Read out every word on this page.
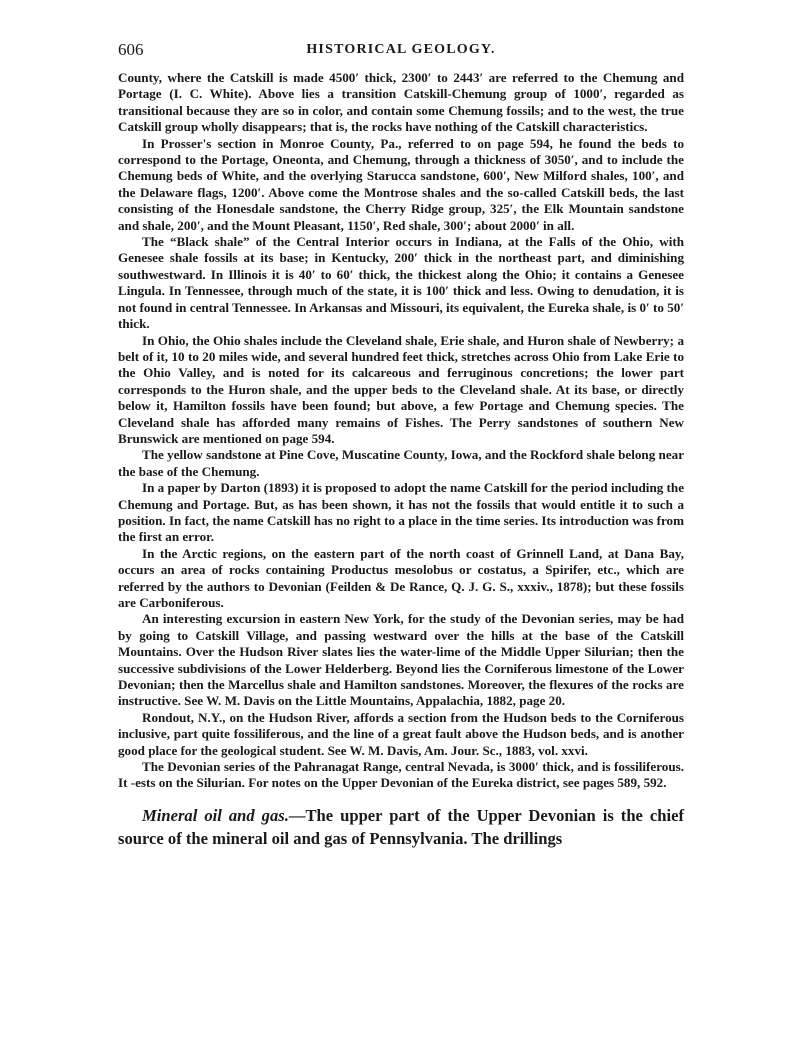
606	HISTORICAL GEOLOGY.

County, where the Catskill is made 4500′ thick, 2300′ to 2443′ are referred to the Chemung and Portage (I. C. White). Above lies a transition Catskill-Chemung group of 1000′, regarded as transitional because they are so in color, and contain some Chemung fossils; and to the west, the true Catskill group wholly disappears; that is, the rocks have nothing of the Catskill characteristics.

In Prosser's section in Monroe County, Pa., referred to on page 594, he found the beds to correspond to the Portage, Oneonta, and Chemung, through a thickness of 3050′, and to include the Chemung beds of White, and the overlying Starucca sandstone, 600′, New Milford shales, 100′, and the Delaware flags, 1200′. Above come the Montrose shales and the so-called Catskill beds, the last consisting of the Honesdale sandstone, the Cherry Ridge group, 325′, the Elk Mountain sandstone and shale, 200′, and the Mount Pleasant, 1150′, Red shale, 300′; about 2000′ in all.

The “Black shale” of the Central Interior occurs in Indiana, at the Falls of the Ohio, with Genesee shale fossils at its base; in Kentucky, 200′ thick in the northeast part, and diminishing southwestward. In Illinois it is 40′ to 60′ thick, the thickest along the Ohio; it contains a Genesee Lingula. In Tennessee, through much of the state, it is 100′ thick and less. Owing to denudation, it is not found in central Tennessee. In Arkansas and Missouri, its equivalent, the Eureka shale, is 0′ to 50′ thick.

In Ohio, the Ohio shales include the Cleveland shale, Erie shale, and Huron shale of Newberry; a belt of it, 10 to 20 miles wide, and several hundred feet thick, stretches across Ohio from Lake Erie to the Ohio Valley, and is noted for its calcareous and ferruginous concretions; the lower part corresponds to the Huron shale, and the upper beds to the Cleveland shale. At its base, or directly below it, Hamilton fossils have been found; but above, a few Portage and Chemung species. The Cleveland shale has afforded many remains of Fishes. The Perry sandstones of southern New Brunswick are mentioned on page 594.

The yellow sandstone at Pine Cove, Muscatine County, Iowa, and the Rockford shale belong near the base of the Chemung.

In a paper by Darton (1893) it is proposed to adopt the name Catskill for the period including the Chemung and Portage. But, as has been shown, it has not the fossils that would entitle it to such a position. In fact, the name Catskill has no right to a place in the time series. Its introduction was from the first an error.

In the Arctic regions, on the eastern part of the north coast of Grinnell Land, at Dana Bay, occurs an area of rocks containing Productus mesolobus or costatus, a Spirifer, etc., which are referred by the authors to Devonian (Feilden & De Rance, Q. J. G. S., xxxiv., 1878); but these fossils are Carboniferous.

An interesting excursion in eastern New York, for the study of the Devonian series, may be had by going to Catskill Village, and passing westward over the hills at the base of the Catskill Mountains. Over the Hudson River slates lies the water-lime of the Middle Upper Silurian; then the successive subdivisions of the Lower Helderberg. Beyond lies the Corniferous limestone of the Lower Devonian; then the Marcellus shale and Hamilton sandstones. Moreover, the flexures of the rocks are instructive. See W. M. Davis on the Little Mountains, Appalachia, 1882, page 20.

Rondout, N.Y., on the Hudson River, affords a section from the Hudson beds to the Corniferous inclusive, part quite fossiliferous, and the line of a great fault above the Hudson beds, and is another good place for the geological student. See W. M. Davis, Am. Jour. Sc., 1883, vol. xxvi.

The Devonian series of the Pahranagat Range, central Nevada, is 3000′ thick, and is fossiliferous. It ‐ests on the Silurian. For notes on the Upper Devonian of the Eureka district, see pages 589, 592.

Mineral oil and gas.—The upper part of the Upper Devonian is the chief source of the mineral oil and gas of Pennsylvania. The drillings
